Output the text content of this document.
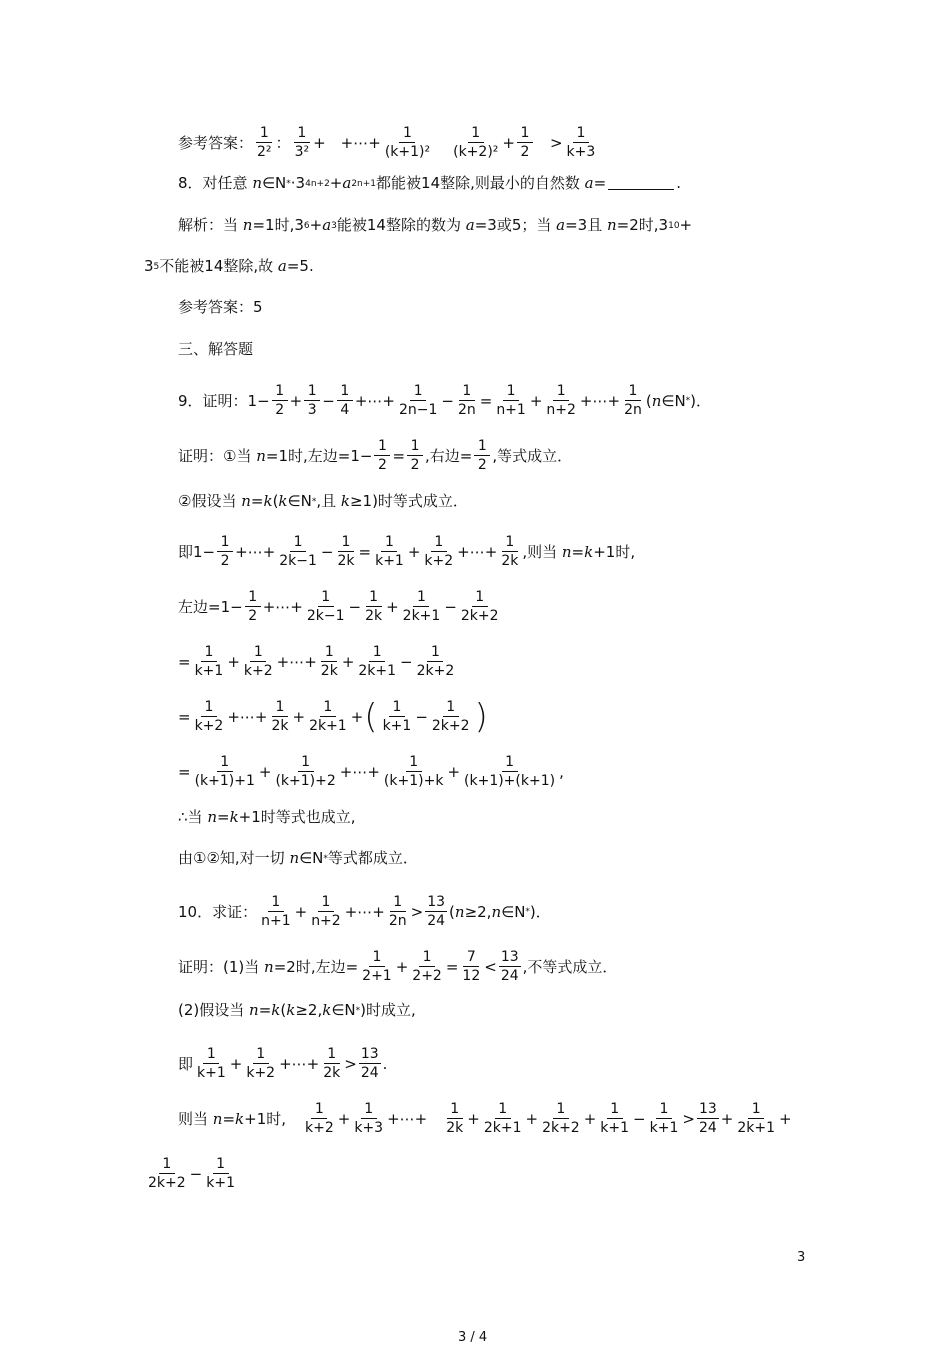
参考答案： $\frac{1}{\text{2²}}$ ： $\frac{1}{\text{3²}}$ +　+⋯+ $\frac{1}{\text{(k+1)²}}$
　 $\frac{1}{\text{(k+2)²}} + \frac{1}{2}$ 　> $\frac{1}{k+3}$
8．对任意 n ∈N * ·3 4n+2 + a 2n+1 都能被14整除,则最小的自然数 a =	.
解析：当 n =1时,3 6 + a 3 能被14整除的数为 a =3或5；当 a =3且 n =2时,3 10 +
3 5 不能被14整除,故 a =5.
参考答案：5
三、解答题
9．证明：$1- \frac{1}{2} + \frac{1}{3} - \frac{1}{4}$ +⋯+ $\frac{1}{2n-1} - \frac{1}{2n} = \frac{1}{n+1} + \frac{1}{n+2}$ +⋯+ $\frac{1}{2n}$ ( n ∈N * )．
证明：①当 n =1时,左边$=1- \frac{1}{2} = \frac{1}{2}$ ,右边= $\frac{1}{2}$ ,等式成立．
②假设当 n = k ( k ∈N * ,且 k ≥1)时等式成立．
即$1- \frac{1}{2}$ +⋯+ $\frac{1}{2k-1} - \frac{1}{2k} = \frac{1}{k+1} + \frac{1}{k+2}$ +⋯+ $\frac{1}{2k}$ ,则当 n = k +1时,
左边$=1- \frac{1}{2}$ +⋯+ $\frac{1}{2k-1} - \frac{1}{2k} + \frac{1}{2k+1} - \frac{1}{2k+2}$
= $\frac{1}{k+1} + \frac{1}{k+2}$ +⋯+ $\frac{1}{2k} + \frac{1}{2k+1} - \frac{1}{2k+2}$
= $\frac{1}{k+2}$ +⋯+ $\frac{1}{2k} + \frac{1}{2k+1}$ + ( $\frac{1}{k+1} - \frac{1}{2k+2}$ )
= $\frac{1}{(k+1)+1} + \frac{1}{(k+1)+2}$ +⋯+ $\frac{1}{(k+1)+k} + \frac{1}{(k+1)+(k+1)}$ ,
∴当 n = k +1时等式也成立,
由①②知,对一切 n ∈N * 等式都成立．
10．求证： $\frac{1}{n+1} + \frac{1}{n+2}$ +⋯+ $\frac{1}{2n} > \frac{13}{24}$ ( n ≥2, n ∈N * )．
证明：(1)当 n =2时,左边= $\frac{1}{2+1} + \frac{1}{2+2} = \frac{7}{12} < \frac{13}{24}$ ,不等式成立．
(2)假设当 n = k ( k ≥2, k ∈N * )时成立,
即 $\frac{1}{k+1} + \frac{1}{k+2}$ +⋯+ $\frac{1}{2k} > \frac{13}{24}$ .
则当 n = k +1时,　 $\frac{1}{k+2} + \frac{1}{k+3}$ +⋯+　 $\frac{1}{2k} + \frac{1}{2k+1} + \frac{1}{2k+2} + \frac{1}{k+1} - \frac{1}{k+1} > \frac{13}{24} + \frac{1}{2k+1}$ +
$\frac{1}{2k+2} - \frac{1}{k+1}$
3
3 / 4
